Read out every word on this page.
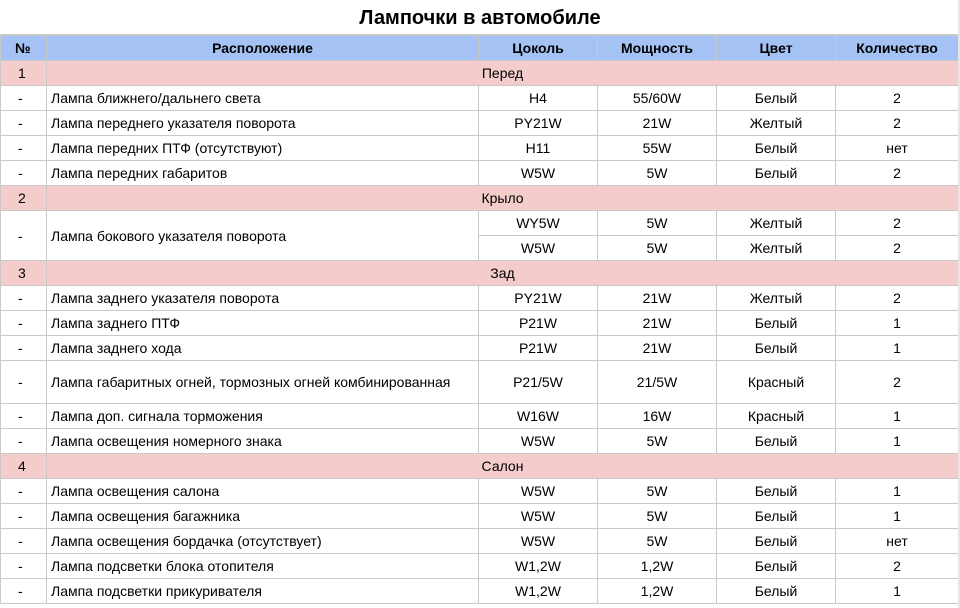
Лампочки в автомобиле
№	Расположение	Цоколь	Мощность	Цвет	Количество
1	Перед				
-	Лампа ближнего/дальнего света	H4	55/60W	Белый	2
-	Лампа переднего указателя поворота	PY21W	21W	Желтый	2
-	Лампа передних ПТФ (отсутствуют)	H11	55W	Белый	нет
-	Лампа передних габаритов	W5W	5W	Белый	2
2	Крыло				
-	Лампа бокового указателя поворота	WY5W	5W	Желтый	2
		W5W	5W	Желтый	2
3	Зад				
-	Лампа заднего указателя поворота	PY21W	21W	Желтый	2
-	Лампа заднего ПТФ	P21W	21W	Белый	1
-	Лампа заднего хода	P21W	21W	Белый	1
-	Лампа габаритных огней, тормозных огней комбинированная	P21/5W	21/5W	Красный	2
-	Лампа доп. сигнала торможения	W16W	16W	Красный	1
-	Лампа освещения номерного знака	W5W	5W	Белый	1
4	Салон				
-	Лампа освещения салона	W5W	5W	Белый	1
-	Лампа освещения багажника	W5W	5W	Белый	1
-	Лампа освещения бордачка (отсутствует)	W5W	5W	Белый	нет
-	Лампа подсветки блока отопителя	W1,2W	1,2W	Белый	2
-	Лампа подсветки прикуривателя	W1,2W	1,2W	Белый	1
